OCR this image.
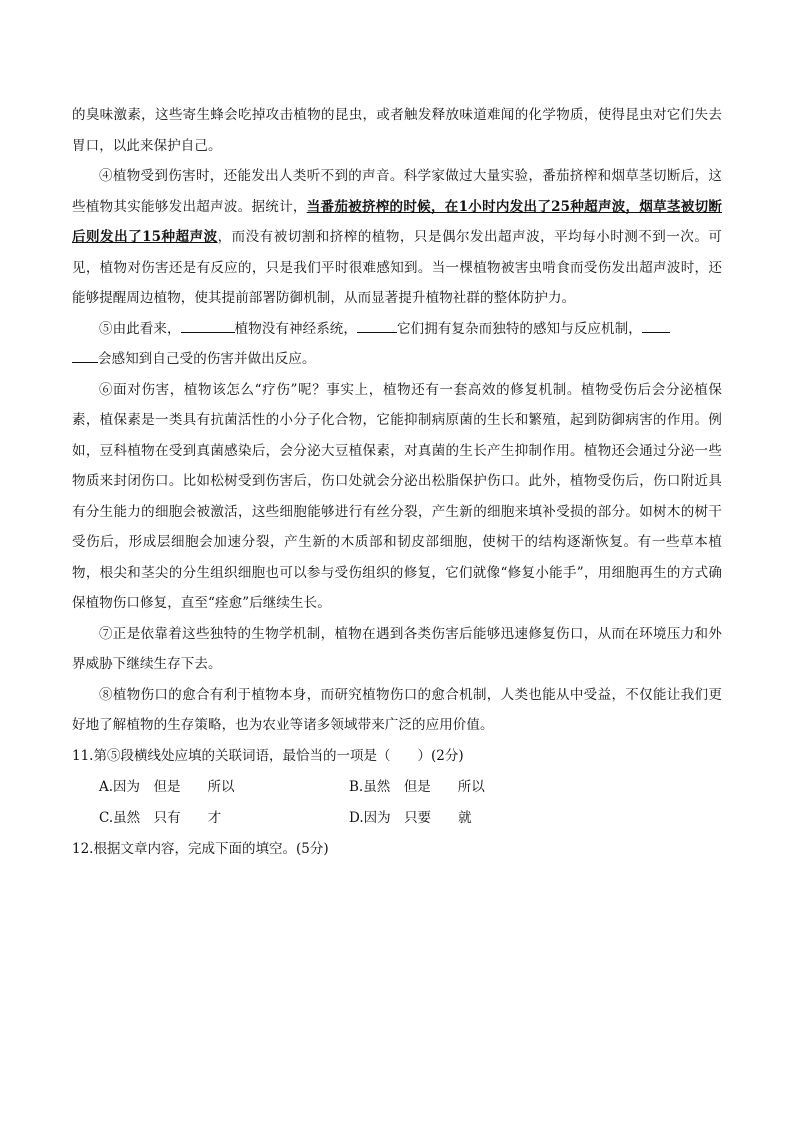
的臭味激素，这些寄生蜂会吃掉攻击植物的昆虫，或者触发释放味道难闻的化学物质，使得昆虫对它们失去胃口，以此来保护自己。

④植物受到伤害时，还能发出人类听不到的声音。科学家做过大量实验，番茄挤榨和烟草茎切断后，这些植物其实能够发出超声波。据统计，当番茄被挤榨的时候，在1小时内发出了25种超声波，烟草茎被切断后则发出了15种超声波，而没有被切割和挤榨的植物，只是偶尔发出超声波，平均每小时测不到一次。可见，植物对伤害还是有反应的，只是我们平时很难感知到。当一棵植物被害虫啃食而受伤发出超声波时，还能够提醒周边植物，使其提前部署防御机制，从而显著提升植物社群的整体防护力。

⑤由此看来，	植物没有神经系统，	它们拥有复杂而独特的感知与反应机制，
会感知到自己受的伤害并做出反应。

⑥面对伤害，植物该怎么“疗伤”呢？事实上，植物还有一套高效的修复机制。植物受伤后会分泌植保素，植保素是一类具有抗菌活性的小分子化合物，它能抑制病原菌的生长和繁殖，起到防御病害的作用。例如，豆科植物在受到真菌感染后，会分泌大豆植保素，对真菌的生长产生抑制作用。植物还会通过分泌一些物质来封闭伤口。比如松树受到伤害后，伤口处就会分泌出松脂保护伤口。此外，植物受伤后，伤口附近具有分生能力的细胞会被激活，这些细胞能够进行有丝分裂，产生新的细胞来填补受损的部分。如树木的树干受伤后，形成层细胞会加速分裂，产生新的木质部和韧皮部细胞，使树干的结构逐渐恢复。有一些草本植物，根尖和茎尖的分生组织细胞也可以参与受伤组织的修复，它们就像“修复小能手”，用细胞再生的方式确保植物伤口修复，直至“痊愈”后继续生长。

⑦正是依靠着这些独特的生物学机制，植物在遇到各类伤害后能够迅速修复伤口，从而在环境压力和外界威胁下继续生存下去。

⑧植物伤口的愈合有利于植物本身，而研究植物伤口的愈合机制，人类也能从中受益，不仅能让我们更好地了解植物的生存策略，也为农业等诸多领域带来广泛的应用价值。

11.第⑤段横线处应填的关联词语，最恰当的一项是（　　）(2分)

A.因为　但是　　所以	B.虽然　但是　　所以
C.虽然　只有　　才	D.因为　只要　　就

12.根据文章内容，完成下面的填空。(5分)
